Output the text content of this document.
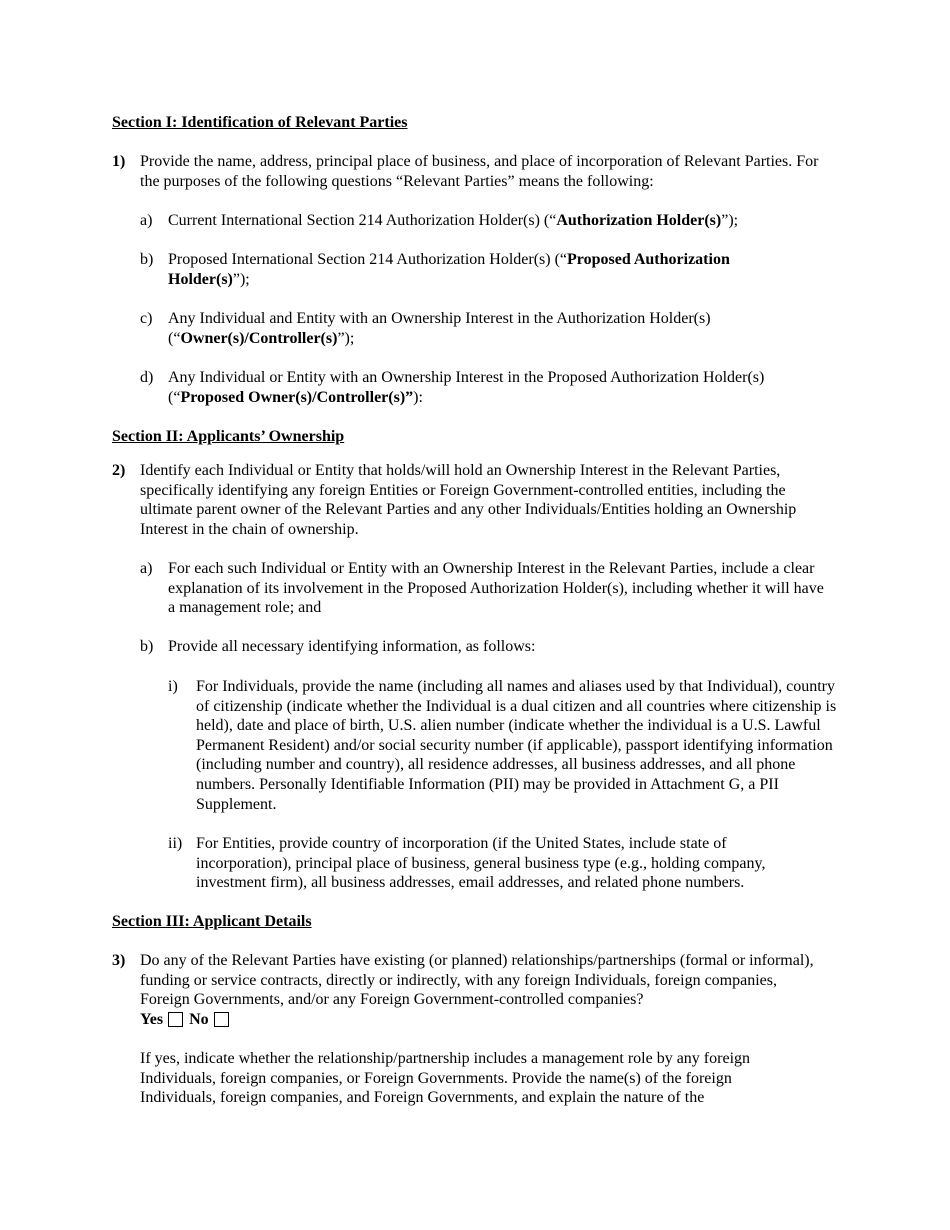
Section I: Identification of Relevant Parties
1) Provide the name, address, principal place of business, and place of incorporation of Relevant Parties. For the purposes of the following questions “Relevant Parties” means the following:
a) Current International Section 214 Authorization Holder(s) (“Authorization Holder(s)”);
b) Proposed International Section 214 Authorization Holder(s) (“Proposed Authorization Holder(s)”);
c) Any Individual and Entity with an Ownership Interest in the Authorization Holder(s) (“Owner(s)/Controller(s)”);
d) Any Individual or Entity with an Ownership Interest in the Proposed Authorization Holder(s) (“Proposed Owner(s)/Controller(s)”):
Section II: Applicants’ Ownership
2) Identify each Individual or Entity that holds/will hold an Ownership Interest in the Relevant Parties, specifically identifying any foreign Entities or Foreign Government-controlled entities, including the ultimate parent owner of the Relevant Parties and any other Individuals/Entities holding an Ownership Interest in the chain of ownership.
a) For each such Individual or Entity with an Ownership Interest in the Relevant Parties, include a clear explanation of its involvement in the Proposed Authorization Holder(s), including whether it will have a management role; and
b) Provide all necessary identifying information, as follows:
i) For Individuals, provide the name (including all names and aliases used by that Individual), country of citizenship (indicate whether the Individual is a dual citizen and all countries where citizenship is held), date and place of birth, U.S. alien number (indicate whether the individual is a U.S. Lawful Permanent Resident) and/or social security number (if applicable), passport identifying information (including number and country), all residence addresses, all business addresses, and all phone numbers. Personally Identifiable Information (PII) may be provided in Attachment G, a PII Supplement.
ii) For Entities, provide country of incorporation (if the United States, include state of incorporation), principal place of business, general business type (e.g., holding company, investment firm), all business addresses, email addresses, and related phone numbers.
Section III: Applicant Details
3) Do any of the Relevant Parties have existing (or planned) relationships/partnerships (formal or informal), funding or service contracts, directly or indirectly, with any foreign Individuals, foreign companies, Foreign Governments, and/or any Foreign Government-controlled companies?
Yes No
If yes, indicate whether the relationship/partnership includes a management role by any foreign Individuals, foreign companies, or Foreign Governments. Provide the name(s) of the foreign Individuals, foreign companies, and Foreign Governments, and explain the nature of the
